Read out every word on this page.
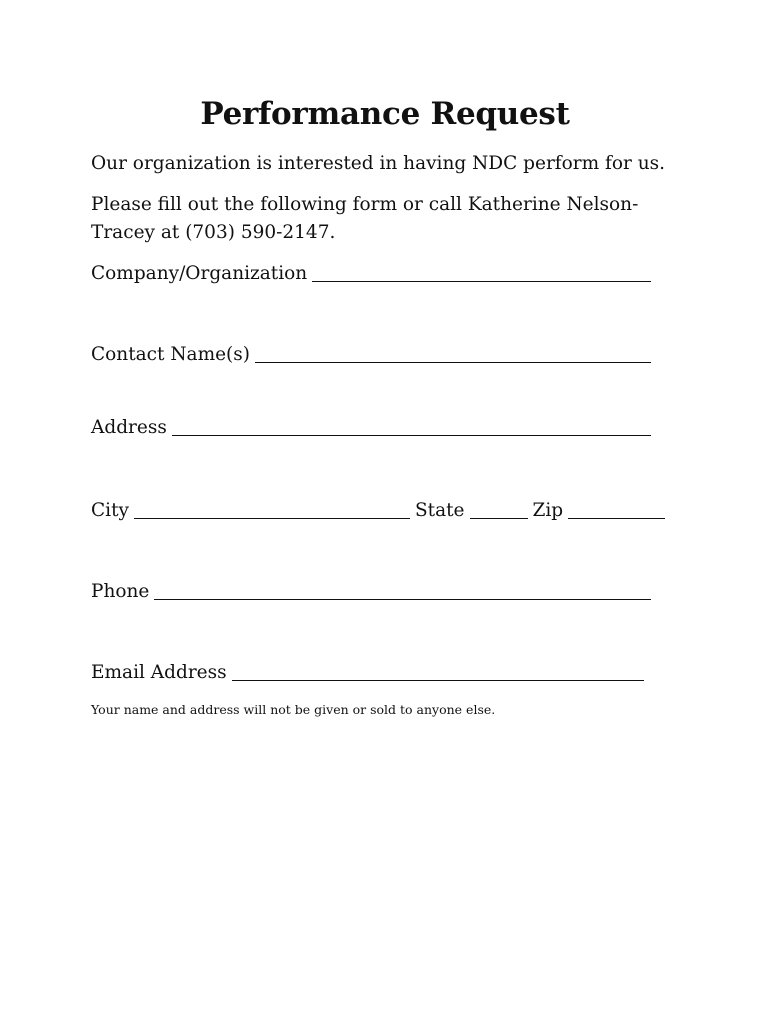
Performance Request

Our organization is interested in having NDC perform for us.

Please fill out the following form or call Katherine Nelson-Tracey at (703) 590-2147.

Company/Organization
Contact Name(s)
Address
City	State	Zip
Phone
Email Address

Your name and address will not be given or sold to anyone else.
